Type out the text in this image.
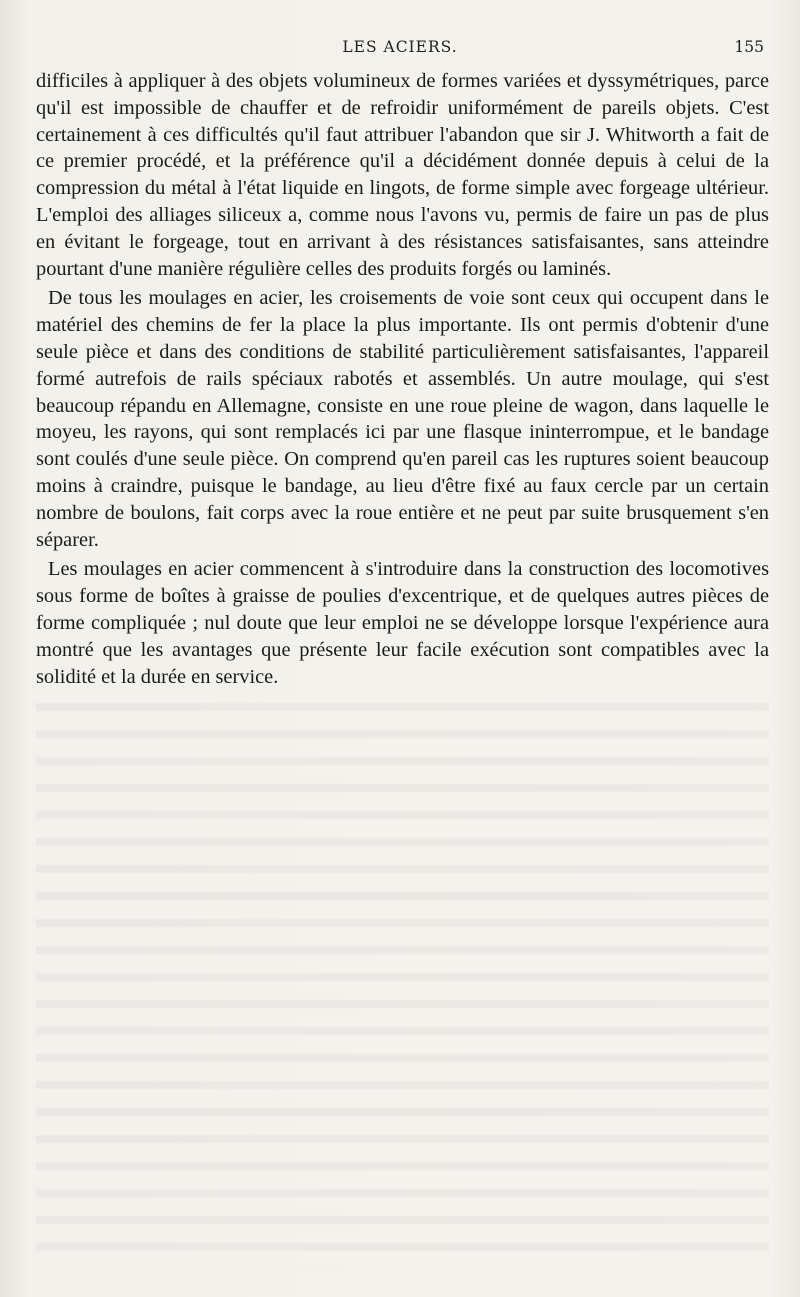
LES ACIERS.	155

difficiles à appliquer à des objets volumineux de formes variées et dyssymétriques, parce qu'il est impossible de chauffer et de refroidir uniformément de pareils objets. C'est certainement à ces difficultés qu'il faut attribuer l'abandon que sir J. Whitworth a fait de ce premier procédé, et la préférence qu'il a décidément donnée depuis à celui de la compression du métal à l'état liquide en lingots, de forme simple avec forgeage ultérieur. L'emploi des alliages siliceux a, comme nous l'avons vu, permis de faire un pas de plus en évitant le forgeage, tout en arrivant à des résistances satisfaisantes, sans atteindre pourtant d'une manière régulière celles des produits forgés ou laminés.

De tous les moulages en acier, les croisements de voie sont ceux qui occupent dans le matériel des chemins de fer la place la plus importante. Ils ont permis d'obtenir d'une seule pièce et dans des conditions de stabilité particulièrement satisfaisantes, l'appareil formé autrefois de rails spéciaux rabotés et assemblés. Un autre moulage, qui s'est beaucoup répandu en Allemagne, consiste en une roue pleine de wagon, dans laquelle le moyeu, les rayons, qui sont remplacés ici par une flasque ininterrompue, et le bandage sont coulés d'une seule pièce. On comprend qu'en pareil cas les ruptures soient beaucoup moins à craindre, puisque le bandage, au lieu d'être fixé au faux cercle par un certain nombre de boulons, fait corps avec la roue entière et ne peut par suite brusquement s'en séparer.

Les moulages en acier commencent à s'introduire dans la construction des locomotives sous forme de boîtes à graisse de poulies d'excentrique, et de quelques autres pièces de forme compliquée ; nul doute que leur emploi ne se développe lorsque l'expérience aura montré que les avantages que présente leur facile exécution sont compatibles avec la solidité et la durée en service.
